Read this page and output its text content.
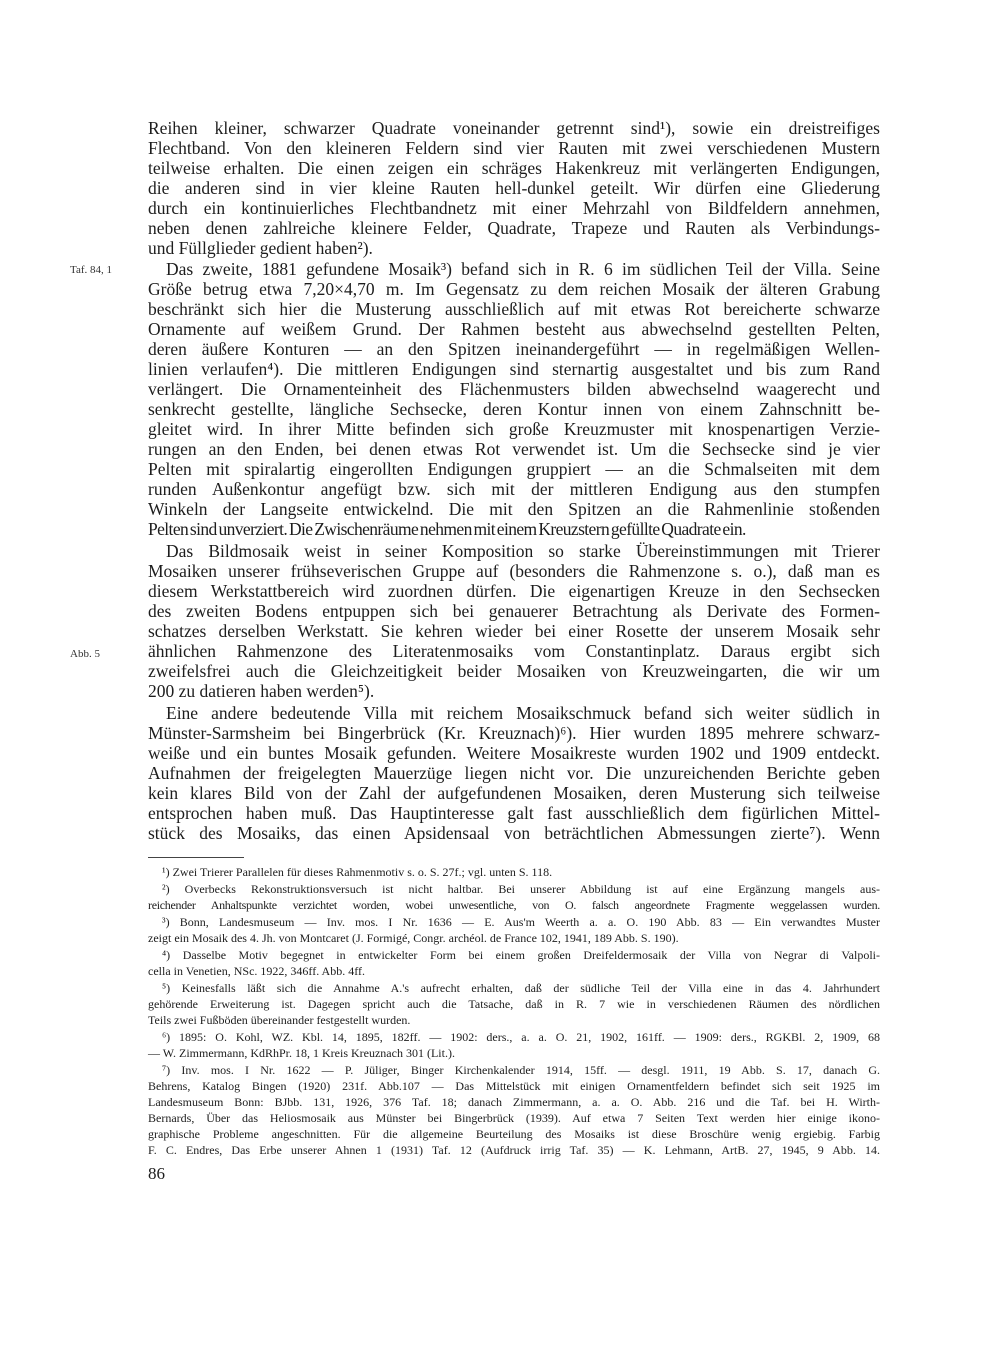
Reihen kleiner, schwarzer Quadrate voneinander getrennt sind¹), sowie ein dreistreifiges
Flechtband. Von den kleineren Feldern sind vier Rauten mit zwei verschiedenen Mustern
teilweise erhalten. Die einen zeigen ein schräges Hakenkreuz mit verlängerten Endigungen,
die anderen sind in vier kleine Rauten hell-dunkel geteilt. Wir dürfen eine Gliederung
durch ein kontinuierliches Flechtbandnetz mit einer Mehrzahl von Bildfeldern annehmen,
neben denen zahlreiche kleinere Felder, Quadrate, Trapeze und Rauten als Verbindungs-
und Füllglieder gedient haben²).
Das zweite, 1881 gefundene Mosaik³) befand sich in R. 6 im südlichen Teil der Villa. Seine
Größe betrug etwa 7,20×4,70 m. Im Gegensatz zu dem reichen Mosaik der älteren Grabung
beschränkt sich hier die Musterung ausschließlich auf mit etwas Rot bereicherte schwarze
Ornamente auf weißem Grund. Der Rahmen besteht aus abwechselnd gestellten Pelten,
deren äußere Konturen — an den Spitzen ineinandergeführt — in regelmäßigen Wellen-
linien verlaufen⁴). Die mittleren Endigungen sind sternartig ausgestaltet und bis zum Rand
verlängert. Die Ornamenteinheit des Flächenmusters bilden abwechselnd waagerecht und
senkrecht gestellte, längliche Sechsecke, deren Kontur innen von einem Zahnschnitt be-
gleitet wird. In ihrer Mitte befinden sich große Kreuzmuster mit knospenartigen Verzie-
rungen an den Enden, bei denen etwas Rot verwendet ist. Um die Sechsecke sind je vier
Pelten mit spiralartig eingerollten Endigungen gruppiert — an die Schmalseiten mit dem
runden Außenkontur angefügt bzw. sich mit der mittleren Endigung aus den stumpfen
Winkeln der Langseite entwickelnd. Die mit den Spitzen an die Rahmenlinie stoßenden
Pelten sind unverziert. Die Zwischenräume nehmen mit einem Kreuzstern gefüllte Quadrate ein.
Das Bildmosaik weist in seiner Komposition so starke Übereinstimmungen mit Trierer
Mosaiken unserer frühseverischen Gruppe auf (besonders die Rahmenzone s. o.), daß man es
diesem Werkstattbereich wird zuordnen dürfen. Die eigenartigen Kreuze in den Sechsecken
des zweiten Bodens entpuppen sich bei genauerer Betrachtung als Derivate des Formen-
schatzes derselben Werkstatt. Sie kehren wieder bei einer Rosette der unserem Mosaik sehr
ähnlichen Rahmenzone des Literatenmosaiks vom Constantinplatz. Daraus ergibt sich
zweifelsfrei auch die Gleichzeitigkeit beider Mosaiken von Kreuzweingarten, die wir um
200 zu datieren haben werden⁵).
Eine andere bedeutende Villa mit reichem Mosaikschmuck befand sich weiter südlich in
Münster-Sarmsheim bei Bingerbrück (Kr. Kreuznach)⁶). Hier wurden 1895 mehrere schwarz-
weiße und ein buntes Mosaik gefunden. Weitere Mosaikreste wurden 1902 und 1909 entdeckt.
Aufnahmen der freigelegten Mauerzüge liegen nicht vor. Die unzureichenden Berichte geben
kein klares Bild von der Zahl der aufgefundenen Mosaiken, deren Musterung sich teilweise
entsprochen haben muß. Das Hauptinteresse galt fast ausschließlich dem figürlichen Mittel-
stück des Mosaiks, das einen Apsidensaal von beträchtlichen Abmessungen zierte⁷). Wenn
Taf. 84, 1
Abb. 5
¹) Zwei Trierer Parallelen für dieses Rahmenmotiv s. o. S. 27f.; vgl. unten S. 118.
²) Overbecks Rekonstruktionsversuch ist nicht haltbar. Bei unserer Abbildung ist auf eine Ergänzung mangels aus-
reichender Anhaltspunkte verzichtet worden, wobei unwesentliche, von O. falsch angeordnete Fragmente weggelassen wurden.
³) Bonn, Landesmuseum — Inv. mos. I Nr. 1636 — E. Aus'm Weerth a. a. O. 190 Abb. 83 — Ein verwandtes Muster
zeigt ein Mosaik des 4. Jh. von Montcaret (J. Formigé, Congr. archéol. de France 102, 1941, 189 Abb. S. 190).
⁴) Dasselbe Motiv begegnet in entwickelter Form bei einem großen Dreifeldermosaik der Villa von Negrar di Valpoli-
cella in Venetien, NSc. 1922, 346ff. Abb. 4ff.
⁵) Keinesfalls läßt sich die Annahme A.'s aufrecht erhalten, daß der südliche Teil der Villa eine in das 4. Jahrhundert
gehörende Erweiterung ist. Dagegen spricht auch die Tatsache, daß in R. 7 wie in verschiedenen Räumen des nördlichen
Teils zwei Fußböden übereinander festgestellt wurden.
⁶) 1895: O. Kohl, WZ. Kbl. 14, 1895, 182ff. — 1902: ders., a. a. O. 21, 1902, 161ff. — 1909: ders., RGKBl. 2, 1909, 68
— W. Zimmermann, KdRhPr. 18, 1 Kreis Kreuznach 301 (Lit.).
⁷) Inv. mos. I Nr. 1622 — P. Jüliger, Binger Kirchenkalender 1914, 15ff. — desgl. 1911, 19 Abb. S. 17, danach G.
Behrens, Katalog Bingen (1920) 231f. Abb.107 — Das Mittelstück mit einigen Ornamentfeldern befindet sich seit 1925 im
Landesmuseum Bonn: BJbb. 131, 1926, 376 Taf. 18; danach Zimmermann, a. a. O. Abb. 216 und die Taf. bei H. Wirth-
Bernards, Über das Heliosmosaik aus Münster bei Bingerbrück (1939). Auf etwa 7 Seiten Text werden hier einige ikono-
graphische Probleme angeschnitten. Für die allgemeine Beurteilung des Mosaiks ist diese Broschüre wenig ergiebig. Farbig
F. C. Endres, Das Erbe unserer Ahnen 1 (1931) Taf. 12 (Aufdruck irrig Taf. 35) — K. Lehmann, ArtB. 27, 1945, 9 Abb. 14.
86
